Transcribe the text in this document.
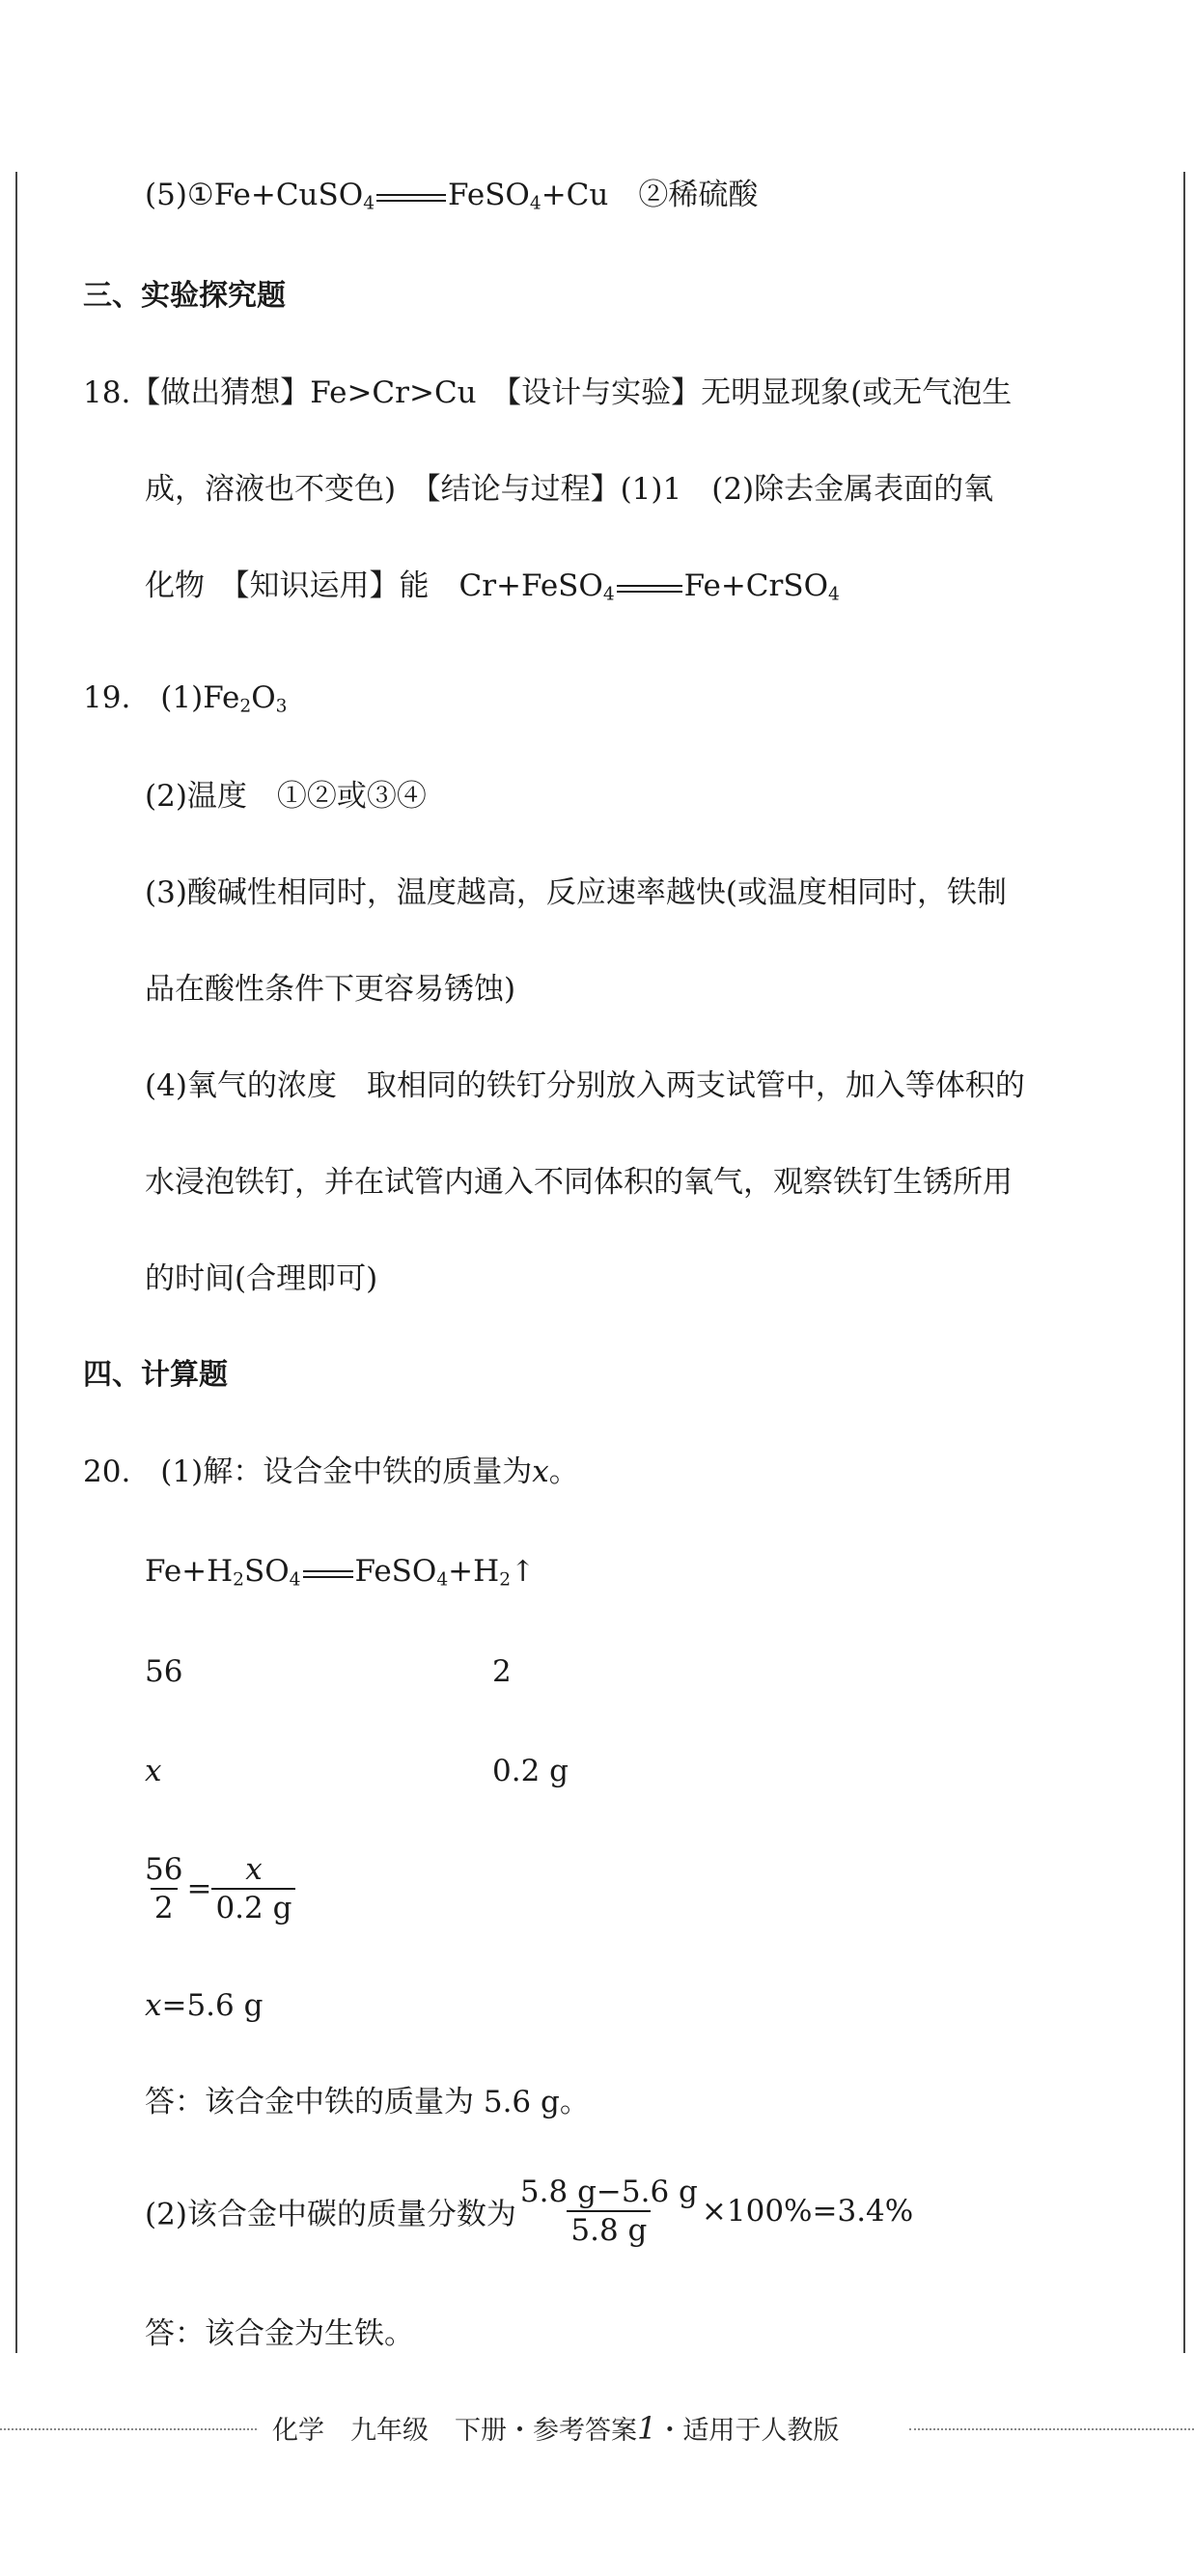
(5)①Fe+CuSO$_4$ FeSO$_4$+Cu　②稀硫酸
三、实验探究题
18.【做出猜想】Fe>Cr>Cu　【设计与实验】无明显现象(或无气泡生
成，溶液也不变色)　【结论与过程】(1)1　(2)除去金属表面的氧
化物　【知识运用】能　Cr+FeSO$_4$ Fe+CrSO$_4$
19.　$(1)Fe_2O_3$
(2)温度　①②或③④
(3)酸碱性相同时，温度越高，反应速率越快(或温度相同时，铁制
品在酸性条件下更容易锈蚀)
(4)氧气的浓度　取相同的铁钉分别放入两支试管中，加入等体积的
水浸泡铁钉，并在试管内通入不同体积的氧气，观察铁钉生锈所用
的时间(合理即可)
四、计算题
20.　(1)解：设合金中铁的质量为x。
$Fe+H_2SO_4$ $FeSO_4+H_2↑$
56	2
x	0.2 g
$\frac{56}{2} = \frac{x}{0.2 g}$
x=5.6 g
答：该合金中铁的质量为 5.6 g。
(2)该合金中碳的质量分数为 $\frac{5.8 g-5.6 g}{5.8 g} \times 100\%=3.4\%$
答：该合金为生铁。
化学　九年级　下册・参考答案1・适用于人教版
